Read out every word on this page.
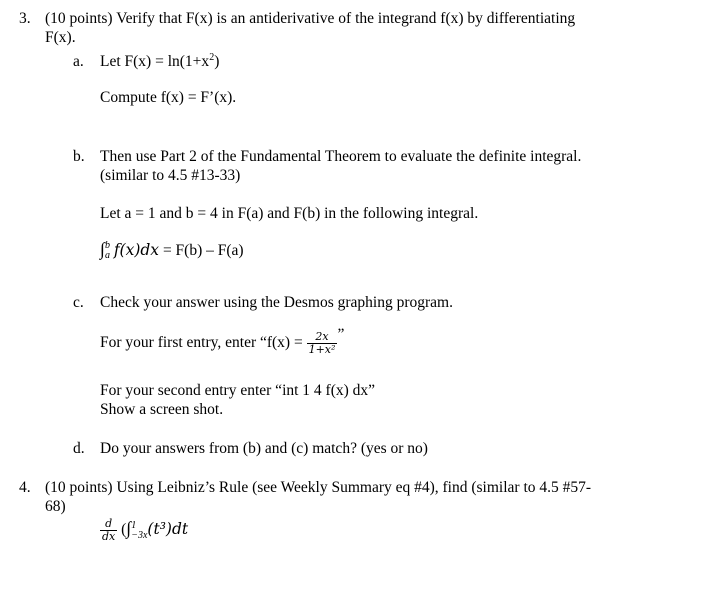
3. (10 points) Verify that F(x) is an antiderivative of the integrand f(x) by differentiating
F(x).
a. Let $F(x) = \ln(1+x^2)$
Compute f(x) = F’(x).
b. Then use Part 2 of the Fundamental Theorem to evaluate the definite integral.
(similar to 4.5 #13-33)
Let a = 1 and b = 4 in F(a) and F(b) in the following integral.
∫ b
a f(x)dx = F(b) – F(a)
c. Check your answer using the Desmos graphing program.
For your first entry, enter “$f(x) = \frac{2x}{\text{1+x²}}$ ”
For your second entry enter “int 1 4 f(x) dx”
Show a screen shot.
d. Do your answers from (b) and (c) match? (yes or no)
4. (10 points) Using Leibniz’s Rule (see Weekly Summary eq #4), find (similar to 4.5 #57-
68)
$\frac{d}{dx}$ (∫ 1
−3x (t³)dt
